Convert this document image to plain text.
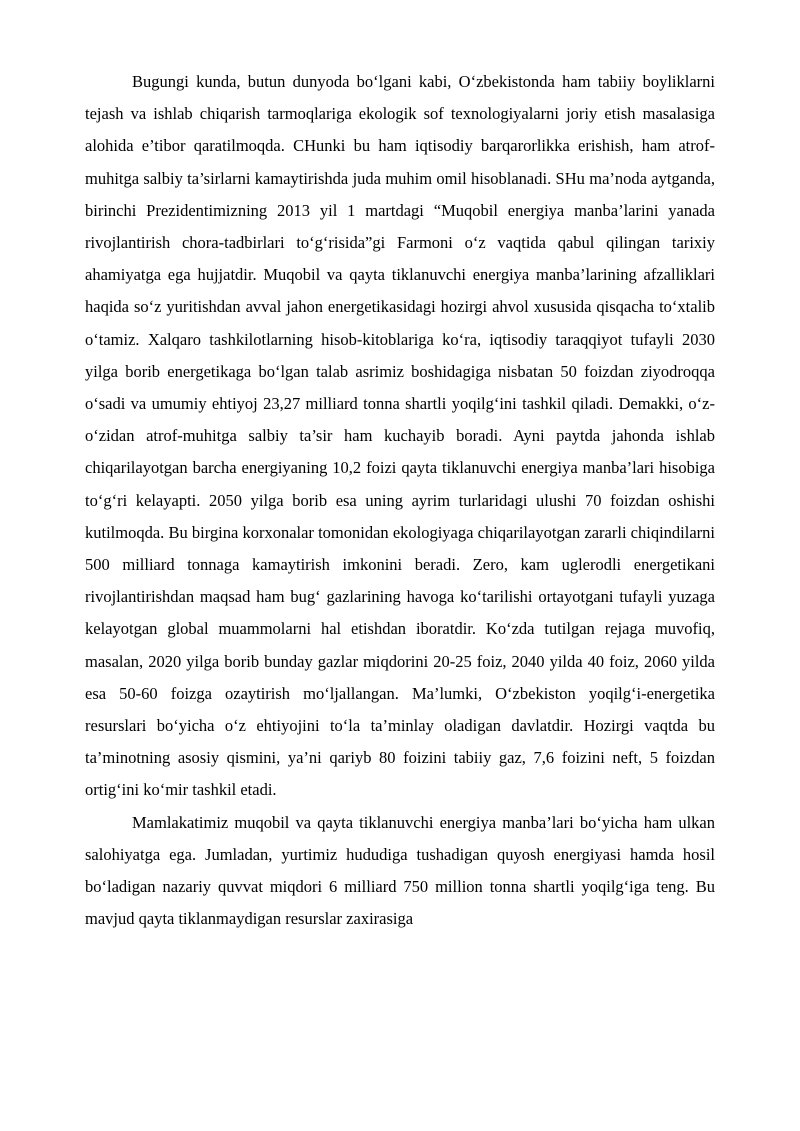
Bugungi kunda, butun dunyoda boʻlgani kabi, Oʻzbekistonda ham tabiiy boyliklarni tejash va ishlab chiqarish tarmoqlariga ekologik sof texnologiyalarni joriy etish masalasiga alohida e’tibor qaratilmoqda. CHunki bu ham iqtisodiy barqarorlikka erishish, ham atrof-muhitga salbiy ta’sirlarni kamaytirishda juda muhim omil hisoblanadi. SHu ma’noda aytganda, birinchi Prezidentimizning 2013 yil 1 martdagi “Muqobil energiya manba’larini yanada rivojlantirish chora-tadbirlari toʻgʻrisida”gi Farmoni oʻz vaqtida qabul qilingan tarixiy ahamiyatga ega hujjatdir. Muqobil va qayta tiklanuvchi energiya manba’larining afzalliklari haqida soʻz yuritishdan avval jahon energetikasidagi hozirgi ahvol xususida qisqacha toʻxtalib oʻtamiz. Xalqaro tashkilotlarning hisob-kitoblariga koʻra, iqtisodiy taraqqiyot tufayli 2030 yilga borib energetikaga boʻlgan talab asrimiz boshidagiga nisbatan 50 foizdan ziyodroqqa oʻsadi va umumiy ehtiyoj 23,27 milliard tonna shartli yoqilgʻini tashkil qiladi. Demakki, oʻz-oʻzidan atrof-muhitga salbiy ta’sir ham kuchayib boradi. Ayni paytda jahonda ishlab chiqarilayotgan barcha energiyaning 10,2 foizi qayta tiklanuvchi energiya manba’lari hisobiga toʻgʻri kelayapti. 2050 yilga borib esa uning ayrim turlaridagi ulushi 70 foizdan oshishi kutilmoqda. Bu birgina korxonalar tomonidan ekologiyaga chiqarilayotgan zararli chiqindilarni 500 milliard tonnaga kamaytirish imkonini beradi. Zero, kam uglerodli energetikani rivojlantirishdan maqsad ham bugʻ gazlarining havoga koʻtarilishi ortayotgani tufayli yuzaga kelayotgan global muammolarni hal etishdan iboratdir. Koʻzda tutilgan rejaga muvofiq, masalan, 2020 yilga borib bunday gazlar miqdorini 20-25 foiz, 2040 yilda 40 foiz, 2060 yilda esa 50-60 foizga ozaytirish moʻljallangan. Ma’lumki, Oʻzbekiston yoqilgʻi-energetika resurslari boʻyicha oʻz ehtiyojini toʻla ta’minlay oladigan davlatdir. Hozirgi vaqtda bu ta’minotning asosiy qismini, ya’ni qariyb 80 foizini tabiiy gaz, 7,6 foizini neft, 5 foizdan ortigʻini koʻmir tashkil etadi.

Mamlakatimiz muqobil va qayta tiklanuvchi energiya manba’lari boʻyicha ham ulkan salohiyatga ega. Jumladan, yurtimiz hududiga tushadigan quyosh energiyasi hamda hosil boʻladigan nazariy quvvat miqdori 6 milliard 750 million tonna shartli yoqilgʻiga teng. Bu mavjud qayta tiklanmaydigan resurslar zaxirasiga
